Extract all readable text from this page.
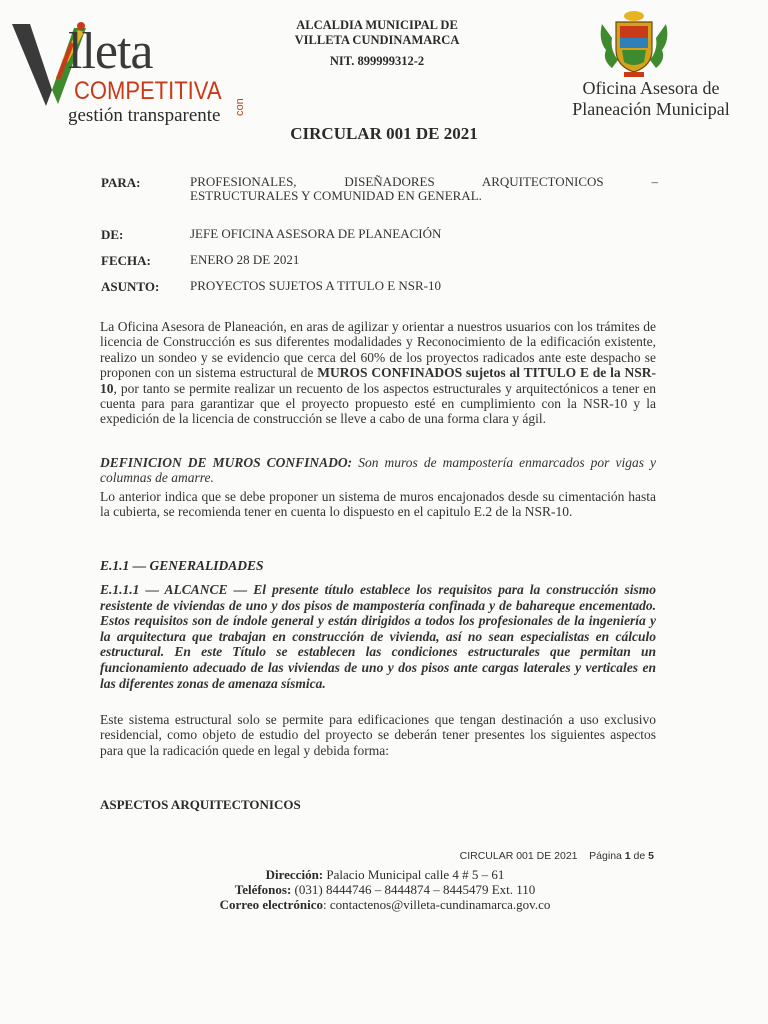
lleta
COMPETITIVA
con
gestión transparente
ALCALDIA MUNICIPAL DE
VILLETA CUNDINAMARCA
NIT. 899999312-2
Oficina Asesora de
Planeación Municipal
CIRCULAR 001 DE 2021
PARA:	PROFESIONALES,    DISEÑADORES    ARQUITECTONICOS    –
ESTRUCTURALES Y COMUNIDAD EN GENERAL.
DE:	JEFE OFICINA ASESORA DE PLANEACIÓN
FECHA:	ENERO 28 DE 2021
ASUNTO: PROYECTOS SUJETOS A TITULO E NSR-10
La Oficina Asesora de Planeación, en aras de agilizar y orientar a nuestros usuarios con los trámites de licencia de Construcción es sus diferentes modalidades y Reconocimiento de la edificación existente, realizo un sondeo y se evidencio que cerca del 60% de los proyectos radicados ante este despacho se proponen con un sistema estructural de MUROS CONFINADOS sujetos al TITULO E de la NSR-10, por tanto se permite realizar un recuento de los aspectos estructurales y arquitectónicos a tener en cuenta para para garantizar que el proyecto propuesto esté en cumplimiento con la NSR-10 y la expedición de la licencia de construcción se lleve a cabo de una forma clara y ágil.
DEFINICION DE MUROS CONFINADO: Son muros de mampostería enmarcados por vigas y columnas de amarre.
Lo anterior indica que se debe proponer un sistema de muros encajonados desde su cimentación hasta la cubierta, se recomienda tener en cuenta lo dispuesto en el capitulo E.2 de la NSR-10.
E.1.1 — GENERALIDADES
E.1.1.1 — ALCANCE — El presente título establece los requisitos para la construcción sismo resistente de viviendas de uno y dos pisos de mampostería confinada y de bahareque encementado. Estos requisitos son de índole general y están dirigidos a todos los profesionales de la ingeniería y la arquitectura que trabajan en construcción de vivienda, así no sean especialistas en cálculo estructural. En este Título se establecen las condiciones estructurales que permitan un funcionamiento adecuado de las viviendas de uno y dos pisos ante cargas laterales y verticales en las diferentes zonas de amenaza sísmica.
Este sistema estructural solo se permite para edificaciones que tengan destinación a uso exclusivo residencial, como objeto de estudio del proyecto se deberán tener presentes los siguientes aspectos para que la radicación quede en legal y debida forma:
ASPECTOS ARQUITECTONICOS
CIRCULAR 001 DE 2021    Página 1 de 5
Dirección: Palacio Municipal calle 4 # 5 – 61
Teléfonos: (031) 8444746 – 8444874 – 8445479 Ext. 110
Correo electrónico: contactenos@villeta-cundinamarca.gov.co
